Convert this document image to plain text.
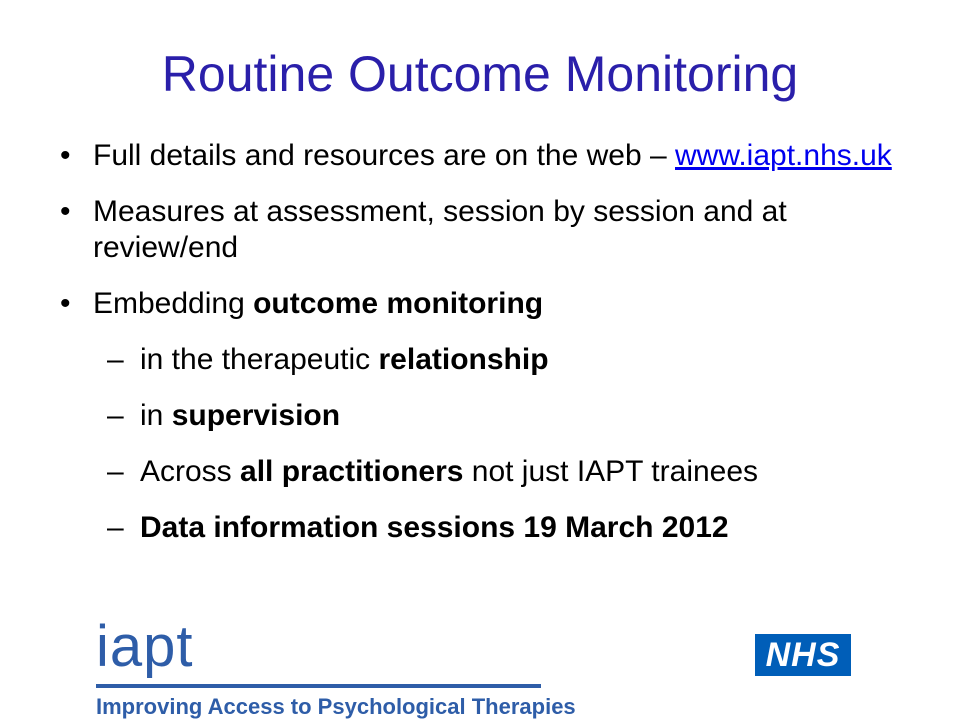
Routine Outcome Monitoring
• Full details and resources are on the web – www.iapt.nhs.uk
• Measures at assessment, session by session and at review/end
• Embedding outcome monitoring
– in the therapeutic relationship
– in supervision
– Across all practitioners not just IAPT trainees
– Data information sessions 19 March 2012
iapt
Improving Access to Psychological Therapies
NHS
